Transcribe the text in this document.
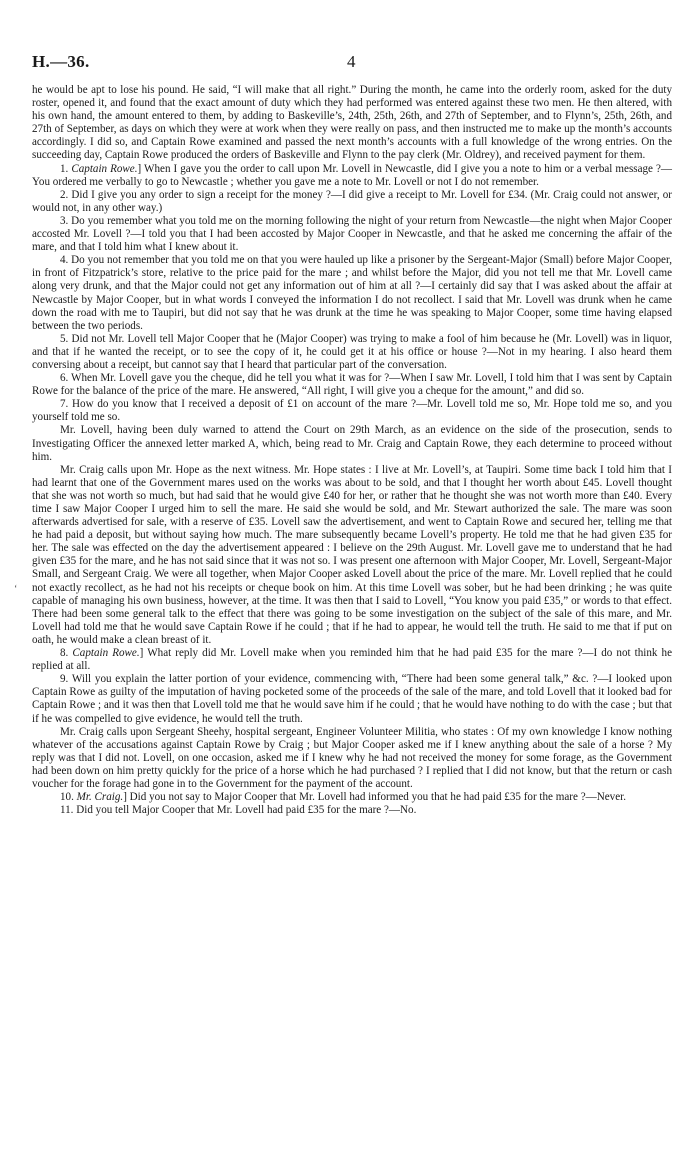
H.—36.	4
‘

he would be apt to lose his pound. He said, “I will make that all right.” During the month, he came into the orderly room, asked for the duty roster, opened it, and found that the exact amount of duty which they had performed was entered against these two men. He then altered, with his own hand, the amount entered to them, by adding to Baskeville’s, 24th, 25th, 26th, and 27th of September, and to Flynn’s, 25th, 26th, and 27th of September, as days on which they were at work when they were really on pass, and then instructed me to make up the month’s accounts accordingly. I did so, and Captain Rowe examined and passed the next month’s accounts with a full knowledge of the wrong entries. On the succeeding day, Captain Rowe produced the orders of Baskeville and Flynn to the pay clerk (Mr. Oldrey), and received payment for them.

1. Captain Rowe.] When I gave you the order to call upon Mr. Lovell in Newcastle, did I give you a note to him or a verbal message ?—You ordered me verbally to go to Newcastle ; whether you gave me a note to Mr. Lovell or not I do not remember.

2. Did I give you any order to sign a receipt for the money ?—I did give a receipt to Mr. Lovell for £34. (Mr. Craig could not answer, or would not, in any other way.)

3. Do you remember what you told me on the morning following the night of your return from Newcastle—the night when Major Cooper accosted Mr. Lovell ?—I told you that I had been accosted by Major Cooper in Newcastle, and that he asked me concerning the affair of the mare, and that I told him what I knew about it.

4. Do you not remember that you told me on that you were hauled up like a prisoner by the Sergeant-Major (Small) before Major Cooper, in front of Fitzpatrick’s store, relative to the price paid for the mare ; and whilst before the Major, did you not tell me that Mr. Lovell came along very drunk, and that the Major could not get any information out of him at all ?—I certainly did say that I was asked about the affair at Newcastle by Major Cooper, but in what words I conveyed the information I do not recollect. I said that Mr. Lovell was drunk when he came down the road with me to Taupiri, but did not say that he was drunk at the time he was speaking to Major Cooper, some time having elapsed between the two periods.

5. Did not Mr. Lovell tell Major Cooper that he (Major Cooper) was trying to make a fool of him because he (Mr. Lovell) was in liquor, and that if he wanted the receipt, or to see the copy of it, he could get it at his office or house ?—Not in my hearing. I also heard them conversing about a receipt, but cannot say that I heard that particular part of the conversation.

6. When Mr. Lovell gave you the cheque, did he tell you what it was for ?—When I saw Mr. Lovell, I told him that I was sent by Captain Rowe for the balance of the price of the mare. He answered, “All right, I will give you a cheque for the amount,” and did so.

7. How do you know that I received a deposit of £1 on account of the mare ?—Mr. Lovell told me so, Mr. Hope told me so, and you yourself told me so.

Mr. Lovell, having been duly warned to attend the Court on 29th March, as an evidence on the side of the prosecution, sends to Investigating Officer the annexed letter marked A, which, being read to Mr. Craig and Captain Rowe, they each determine to proceed without him.

Mr. Craig calls upon Mr. Hope as the next witness. Mr. Hope states : I live at Mr. Lovell’s, at Taupiri. Some time back I told him that I had learnt that one of the Government mares used on the works was about to be sold, and that I thought her worth about £45. Lovell thought that she was not worth so much, but had said that he would give £40 for her, or rather that he thought she was not worth more than £40. Every time I saw Major Cooper I urged him to sell the mare. He said she would be sold, and Mr. Stewart authorized the sale. The mare was soon afterwards advertised for sale, with a reserve of £35. Lovell saw the advertisement, and went to Captain Rowe and secured her, telling me that he had paid a deposit, but without saying how much. The mare subsequently became Lovell’s property. He told me that he had given £35 for her. The sale was effected on the day the advertisement appeared : I believe on the 29th August. Mr. Lovell gave me to understand that he had given £35 for the mare, and he has not said since that it was not so. I was present one afternoon with Major Cooper, Mr. Lovell, Sergeant-Major Small, and Sergeant Craig. We were all together, when Major Cooper asked Lovell about the price of the mare. Mr. Lovell replied that he could not exactly recollect, as he had not his receipts or cheque book on him. At this time Lovell was sober, but he had been drinking ; he was quite capable of managing his own business, however, at the time. It was then that I said to Lovell, “You know you paid £35,” or words to that effect. There had been some general talk to the effect that there was going to be some investigation on the subject of the sale of this mare, and Mr. Lovell had told me that he would save Captain Rowe if he could ; that if he had to appear, he would tell the truth. He said to me that if put on oath, he would make a clean breast of it.

8. Captain Rowe.] What reply did Mr. Lovell make when you reminded him that he had paid £35 for the mare ?—I do not think he replied at all.

9. Will you explain the latter portion of your evidence, commencing with, “There had been some general talk,” &c. ?—I looked upon Captain Rowe as guilty of the imputation of having pocketed some of the proceeds of the sale of the mare, and told Lovell that it looked bad for Captain Rowe ; and it was then that Lovell told me that he would save him if he could ; that he would have nothing to do with the case ; but that if he was compelled to give evidence, he would tell the truth.

Mr. Craig calls upon Sergeant Sheehy, hospital sergeant, Engineer Volunteer Militia, who states : Of my own knowledge I know nothing whatever of the accusations against Captain Rowe by Craig ; but Major Cooper asked me if I knew anything about the sale of a horse ? My reply was that I did not. Lovell, on one occasion, asked me if I knew why he had not received the money for some forage, as the Government had been down on him pretty quickly for the price of a horse which he had purchased ? I replied that I did not know, but that the return or cash voucher for the forage had gone in to the Government for the payment of the account.

10. Mr. Craig.] Did you not say to Major Cooper that Mr. Lovell had informed you that he had paid £35 for the mare ?—Never.

11. Did you tell Major Cooper that Mr. Lovell had paid £35 for the mare ?—No.
